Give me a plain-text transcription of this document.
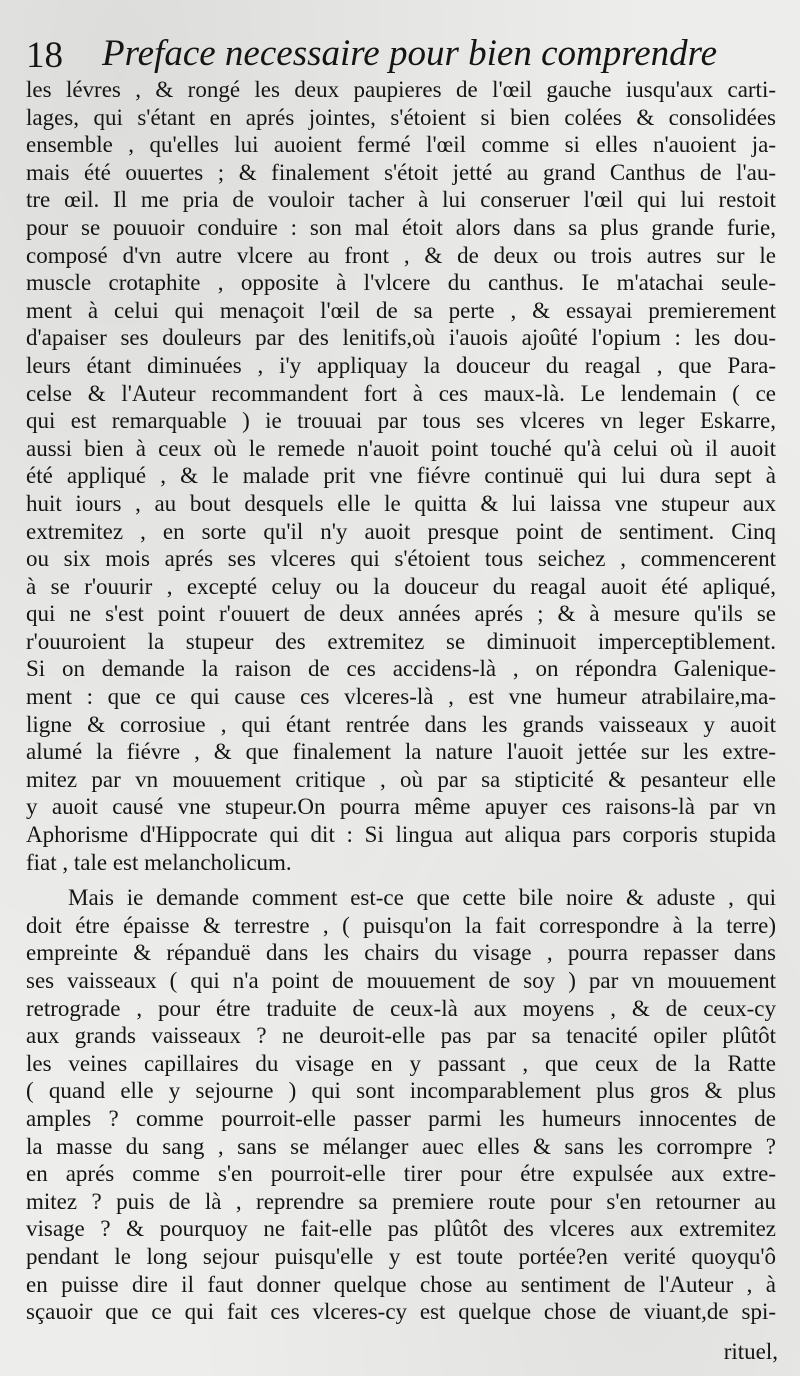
18 Preface necessaire pour bien comprendre
les lévres , & rongé les deux paupieres de l'œil gauche iusqu'aux carti-
lages, qui s'étant en aprés jointes, s'étoient si bien colées & consolidées
ensemble , qu'elles lui auoient fermé l'œil comme si elles n'auoient ja-
mais été ouuertes ; & finalement s'étoit jetté au grand Canthus de l'au-
tre œil. Il me pria de vouloir tacher à lui conseruer l'œil qui lui restoit
pour se pouuoir conduire : son mal étoit alors dans sa plus grande furie,
composé d'vn autre vlcere au front , & de deux ou trois autres sur le
muscle crotaphite , opposite à l'vlcere du canthus. Ie m'atachai seule-
ment à celui qui menaçoit l'œil de sa perte , & essayai premierement
d'apaiser ses douleurs par des lenitifs,où i'auois ajoûté l'opium : les dou-
leurs étant diminuées , i'y appliquay la douceur du reagal , que Para-
celse & l'Auteur recommandent fort à ces maux-là. Le lendemain ( ce
qui est remarquable ) ie trouuai par tous ses vlceres vn leger Eskarre,
aussi bien à ceux où le remede n'auoit point touché qu'à celui où il auoit
été appliqué , & le malade prit vne fiévre continuë qui lui dura sept à
huit iours , au bout desquels elle le quitta & lui laissa vne stupeur aux
extremitez , en sorte qu'il n'y auoit presque point de sentiment. Cinq
ou six mois aprés ses vlceres qui s'étoient tous seichez , commencerent
à se r'ouurir , excepté celuy ou la douceur du reagal auoit été apliqué,
qui ne s'est point r'ouuert de deux années aprés ; & à mesure qu'ils se
r'ouuroient la stupeur des extremitez se diminuoit imperceptiblement.
Si on demande la raison de ces accidens-là , on répondra Galenique-
ment : que ce qui cause ces vlceres-là , est vne humeur atrabilaire,ma-
ligne & corrosiue , qui étant rentrée dans les grands vaisseaux y auoit
alumé la fiévre , & que finalement la nature l'auoit jettée sur les extre-
mitez par vn mouuement critique , où par sa stipticité & pesanteur elle
y auoit causé vne stupeur.On pourra même apuyer ces raisons-là par vn
Aphorisme d'Hippocrate qui dit : Si lingua aut aliqua pars corporis stupida
fiat , tale est melancholicum.
Mais ie demande comment est-ce que cette bile noire & aduste , qui
doit étre épaisse & terrestre , ( puisqu'on la fait correspondre à la terre)
empreinte & répanduë dans les chairs du visage , pourra repasser dans
ses vaisseaux ( qui n'a point de mouuement de soy ) par vn mouuement
retrograde , pour étre traduite de ceux-là aux moyens , & de ceux-cy
aux grands vaisseaux ? ne deuroit-elle pas par sa tenacité opiler plûtôt
les veines capillaires du visage en y passant , que ceux de la Ratte
( quand elle y sejourne ) qui sont incomparablement plus gros & plus
amples ? comme pourroit-elle passer parmi les humeurs innocentes de
la masse du sang , sans se mélanger auec elles & sans les corrompre ?
en aprés comme s'en pourroit-elle tirer pour étre expulsée aux extre-
mitez ? puis de là , reprendre sa premiere route pour s'en retourner au
visage ? & pourquoy ne fait-elle pas plûtôt des vlceres aux extremitez
pendant le long sejour puisqu'elle y est toute portée?en verité quoyqu'ô
en puisse dire il faut donner quelque chose au sentiment de l'Auteur , à
sçauoir que ce qui fait ces vlceres-cy est quelque chose de viuant,de spi-
rituel,
